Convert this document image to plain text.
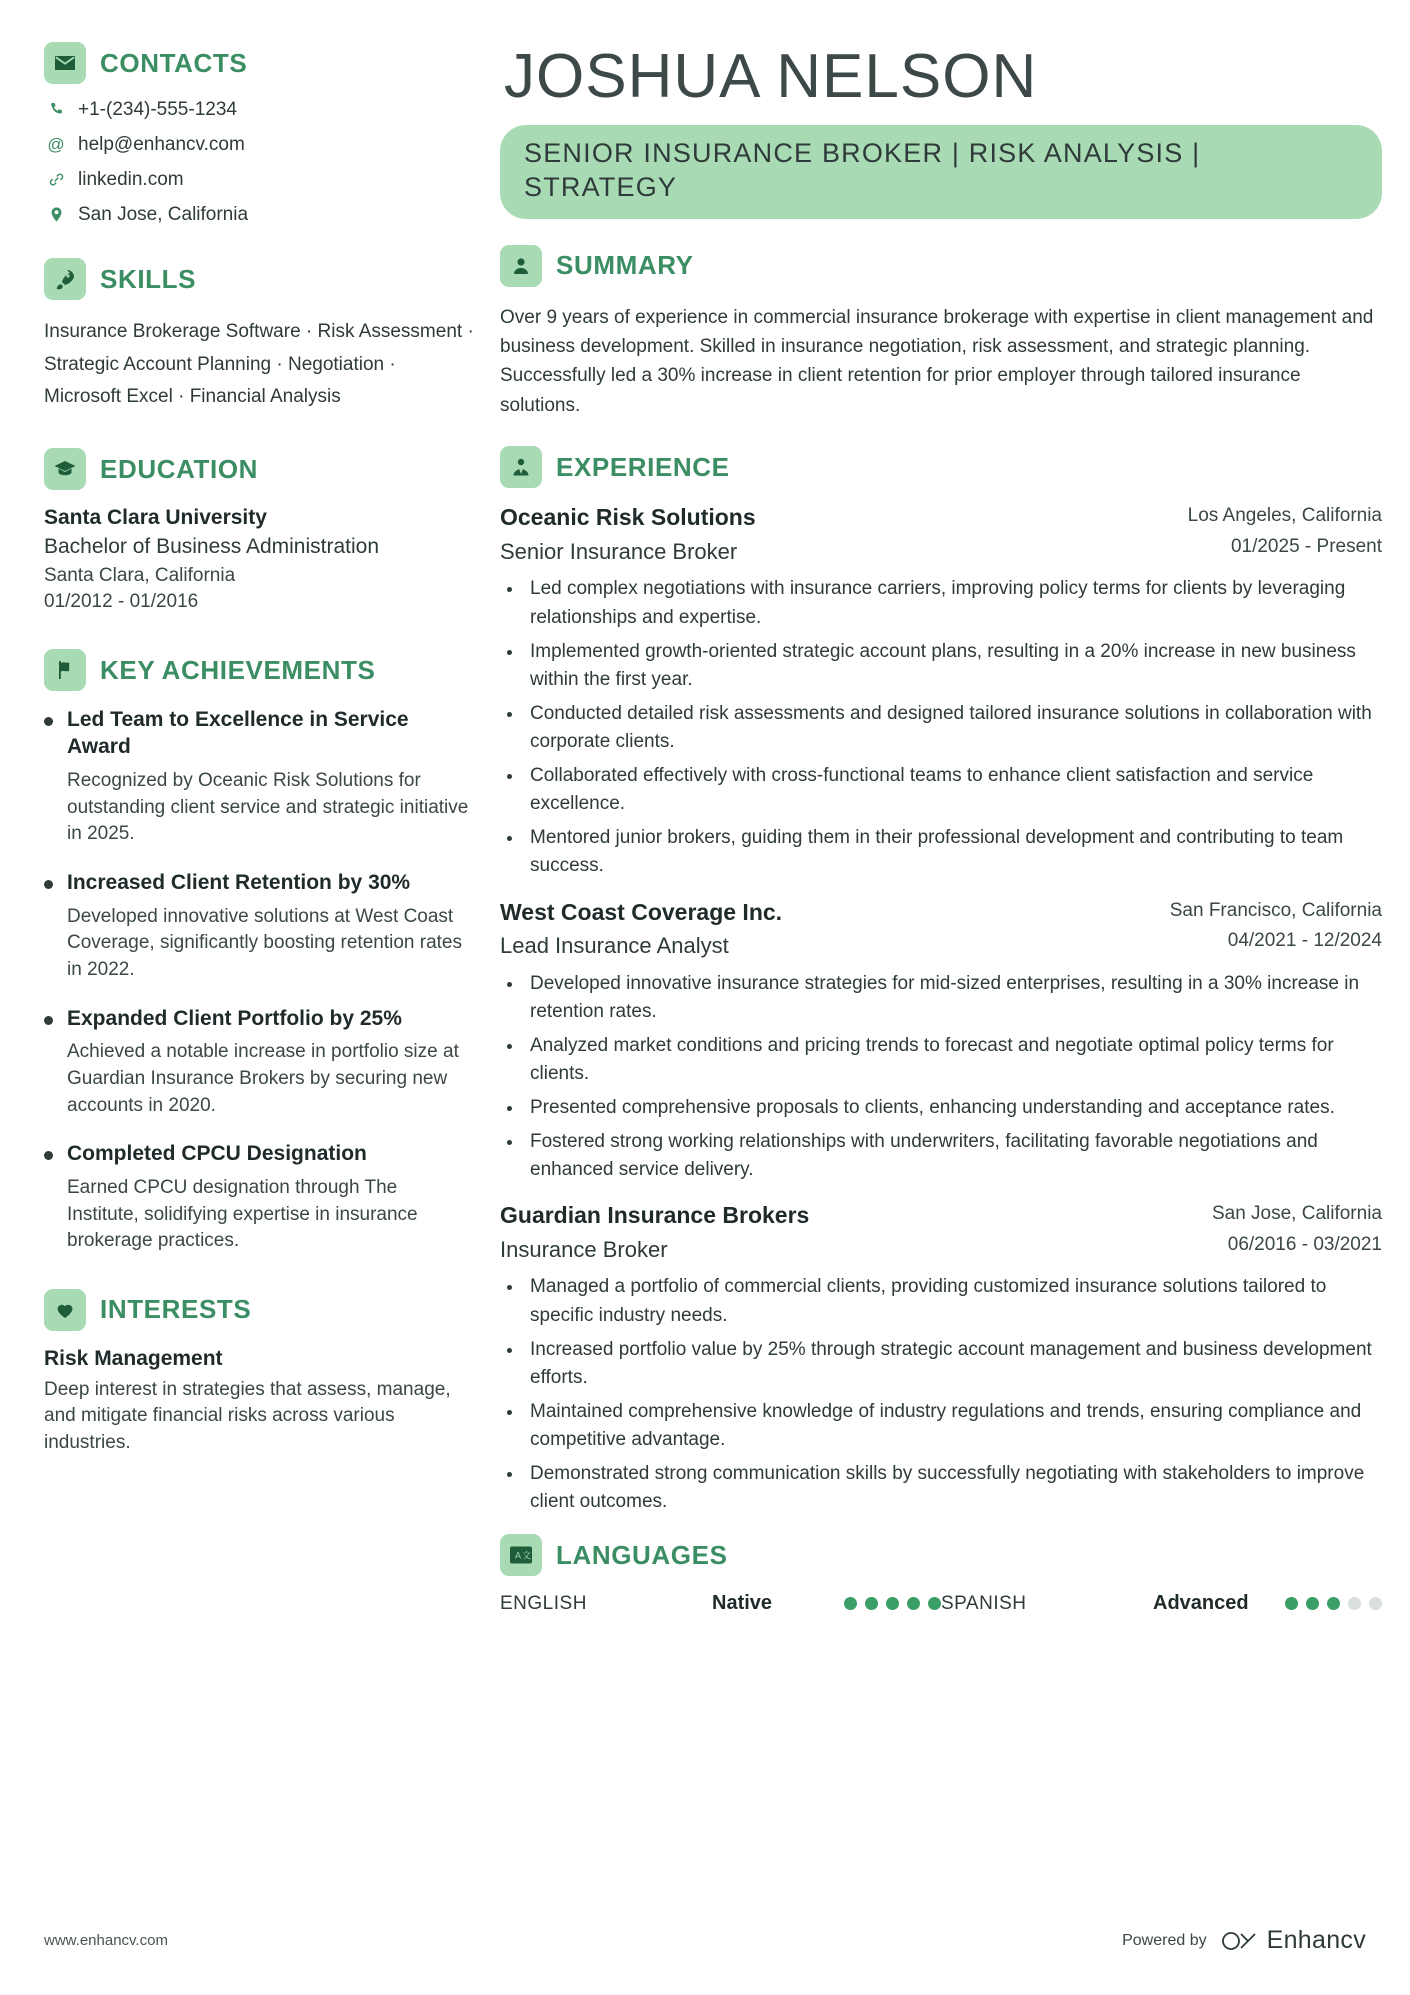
CONTACTS
+1-(234)-555-1234
@ help@enhancv.com
linkedin.com
San Jose, California
SKILLS
Insurance Brokerage Software · Risk Assessment · Strategic Account Planning · Negotiation · Microsoft Excel · Financial Analysis
EDUCATION
Santa Clara University
Bachelor of Business Administration
Santa Clara, California
01/2012 - 01/2016
KEY ACHIEVEMENTS
Led Team to Excellence in Service Award
Recognized by Oceanic Risk Solutions for outstanding client service and strategic initiative in 2025.
Increased Client Retention by 30%
Developed innovative solutions at West Coast Coverage, significantly boosting retention rates in 2022.
Expanded Client Portfolio by 25%
Achieved a notable increase in portfolio size at Guardian Insurance Brokers by securing new accounts in 2020.
Completed CPCU Designation
Earned CPCU designation through The Institute, solidifying expertise in insurance brokerage practices.
INTERESTS
Risk Management
Deep interest in strategies that assess, manage, and mitigate financial risks across various industries.
JOSHUA NELSON
SENIOR INSURANCE BROKER | RISK ANALYSIS | STRATEGY
SUMMARY
Over 9 years of experience in commercial insurance brokerage with expertise in client management and business development. Skilled in insurance negotiation, risk assessment, and strategic planning. Successfully led a 30% increase in client retention for prior employer through tailored insurance solutions.
EXPERIENCE
Oceanic Risk Solutions
Senior Insurance Broker
Los Angeles, California
01/2025 - Present
• Led complex negotiations with insurance carriers, improving policy terms for clients by leveraging relationships and expertise.
• Implemented growth-oriented strategic account plans, resulting in a 20% increase in new business within the first year.
• Conducted detailed risk assessments and designed tailored insurance solutions in collaboration with corporate clients.
• Collaborated effectively with cross-functional teams to enhance client satisfaction and service excellence.
• Mentored junior brokers, guiding them in their professional development and contributing to team success.
West Coast Coverage Inc.
Lead Insurance Analyst
San Francisco, California
04/2021 - 12/2024
• Developed innovative insurance strategies for mid-sized enterprises, resulting in a 30% increase in retention rates.
• Analyzed market conditions and pricing trends to forecast and negotiate optimal policy terms for clients.
• Presented comprehensive proposals to clients, enhancing understanding and acceptance rates.
• Fostered strong working relationships with underwriters, facilitating favorable negotiations and enhanced service delivery.
Guardian Insurance Brokers
Insurance Broker
San Jose, California
06/2016 - 03/2021
• Managed a portfolio of commercial clients, providing customized insurance solutions tailored to specific industry needs.
• Increased portfolio value by 25% through strategic account management and business development efforts.
• Maintained comprehensive knowledge of industry regulations and trends, ensuring compliance and competitive advantage.
• Demonstrated strong communication skills by successfully negotiating with stakeholders to improve client outcomes.
A 文 LANGUAGES
ENGLISH	Native	SPANISH	Advanced
www.enhancv.com	Powered by Enhancv
